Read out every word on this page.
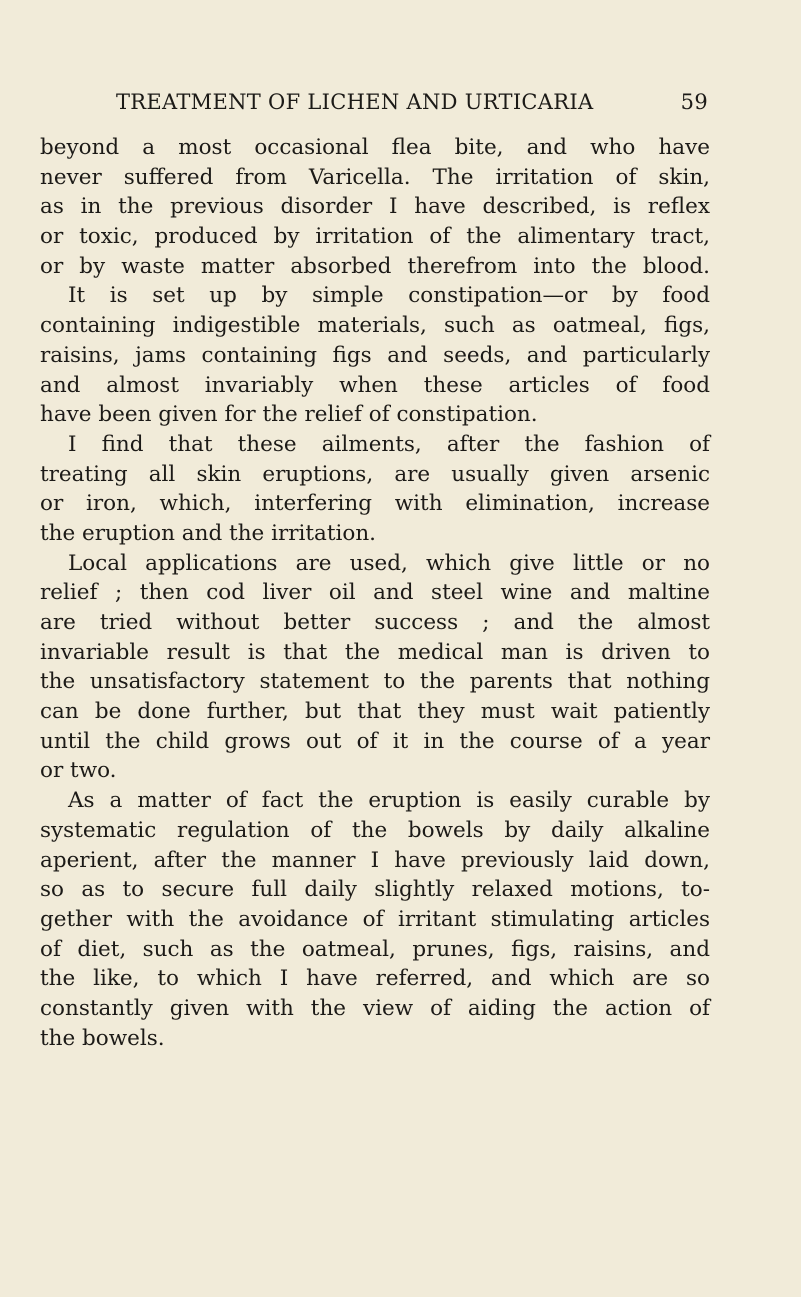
TREATMENT OF LICHEN AND URTICARIA	59
beyond a most occasional flea bite, and who have
never suffered from Varicella. The irritation of skin,
as in the previous disorder I have described, is reflex
or toxic, produced by irritation of the alimentary tract,
or by waste matter absorbed therefrom into the blood.
It is set up by simple constipation—or by food
containing indigestible materials, such as oatmeal, figs,
raisins, jams containing figs and seeds, and particularly
and almost invariably when these articles of food
have been given for the relief of constipation.
I find that these ailments, after the fashion of
treating all skin eruptions, are usually given arsenic
or iron, which, interfering with elimination, increase
the eruption and the irritation.
Local applications are used, which give little or no
relief ; then cod liver oil and steel wine and maltine
are tried without better success ; and the almost
invariable result is that the medical man is driven to
the unsatisfactory statement to the parents that nothing
can be done further, but that they must wait patiently
until the child grows out of it in the course of a year
or two.
As a matter of fact the eruption is easily curable by
systematic regulation of the bowels by daily alkaline
aperient, after the manner I have previously laid down,
so as to secure full daily slightly relaxed motions, to-
gether with the avoidance of irritant stimulating articles
of diet, such as the oatmeal, prunes, figs, raisins, and
the like, to which I have referred, and which are so
constantly given with the view of aiding the action of
the bowels.
